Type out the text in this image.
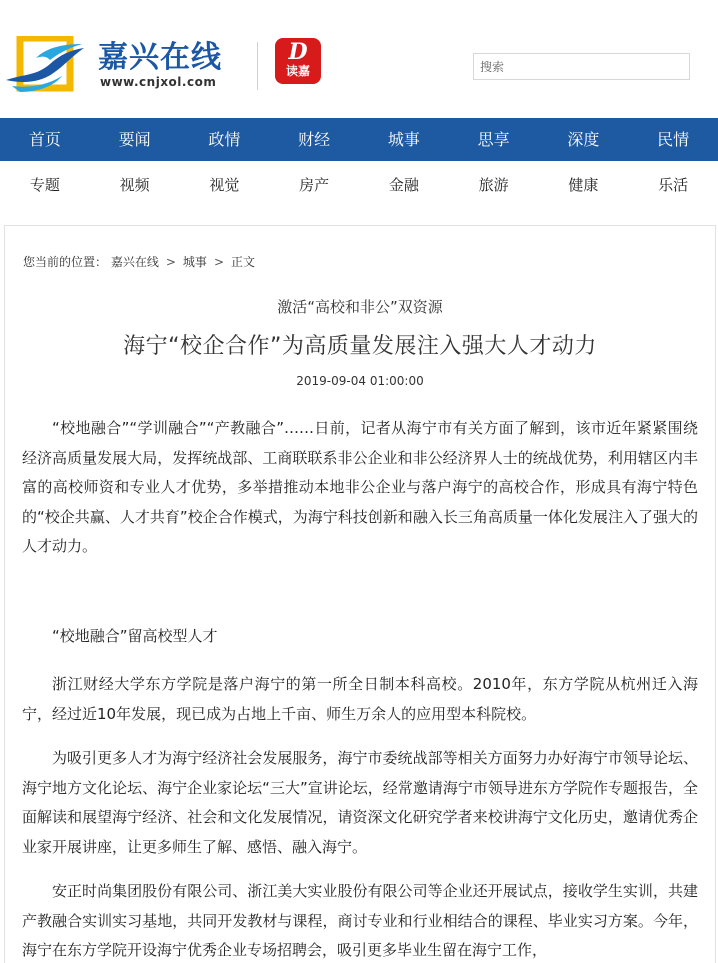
嘉兴在线
www.cnjxol.com
D
读嘉
搜索
首页	要闻	政情	财经	城事	思享	深度	民情
专题	视频	视觉	房产	金融	旅游	健康	乐活
您当前的位置： 嘉兴在线 > 城事 > 正文
激活“高校和非公”双资源
海宁“校企合作”为高质量发展注入强大人才动力
2019-09-04 01:00:00

“校地融合”“学训融合”“产教融合”……日前，记者从海宁市有关方面了解到，该市近年紧紧围绕经济高质量发展大局，发挥统战部、工商联联系非公企业和非公经济界人士的统战优势，利用辖区内丰富的高校师资和专业人才优势，多举措推动本地非公企业与落户海宁的高校合作，形成具有海宁特色的“校企共赢、人才共育”校企合作模式，为海宁科技创新和融入长三角高质量一体化发展注入了强大的人才动力。

“校地融合”留高校型人才

浙江财经大学东方学院是落户海宁的第一所全日制本科高校。2010年，东方学院从杭州迁入海宁，经过近10年发展，现已成为占地上千亩、师生万余人的应用型本科院校。

为吸引更多人才为海宁经济社会发展服务，海宁市委统战部等相关方面努力办好海宁市领导论坛、海宁地方文化论坛、海宁企业家论坛“三大”宣讲论坛，经常邀请海宁市领导进东方学院作专题报告，全面解读和展望海宁经济、社会和文化发展情况，请资深文化研究学者来校讲海宁文化历史，邀请优秀企业家开展讲座，让更多师生了解、感悟、融入海宁。

安正时尚集团股份有限公司、浙江美大实业股份有限公司等企业还开展试点，接收学生实训，共建产教融合实训实习基地，共同开发教材与课程，商讨专业和行业相结合的课程、毕业实习方案。今年，海宁在东方学院开设海宁优秀企业专场招聘会，吸引更多毕业生留在海宁工作，
